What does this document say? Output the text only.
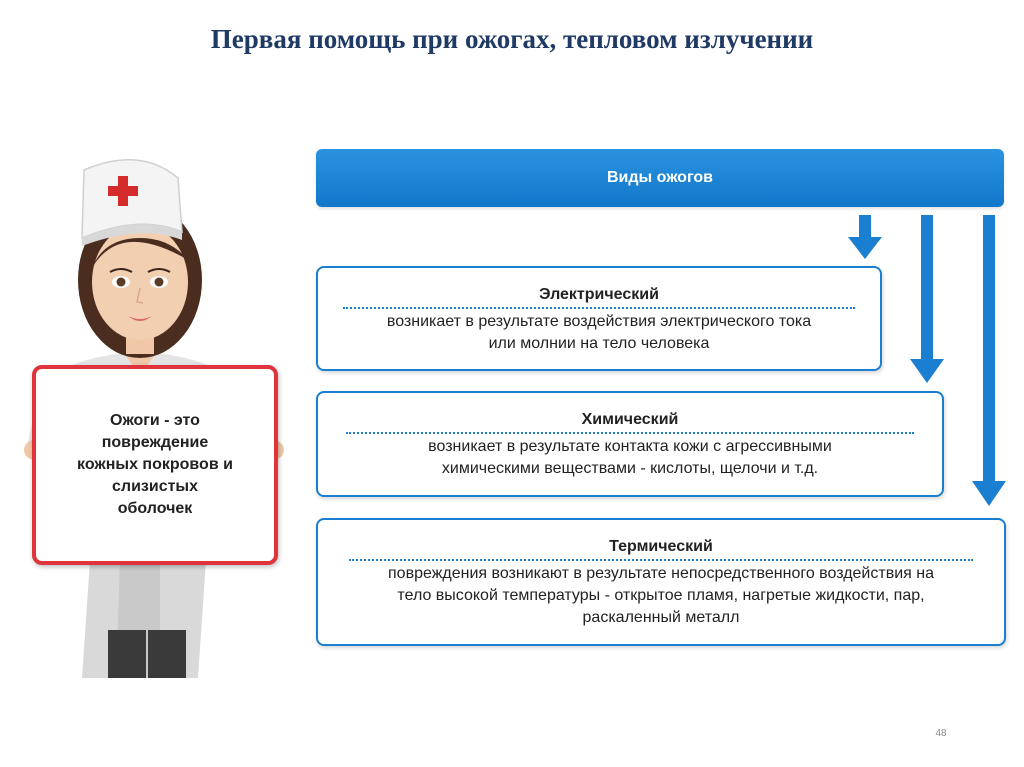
Первая помощь при ожогах, тепловом излучении
Ожоги - это
повреждение
кожных покровов и
слизистых
оболочек
Виды ожогов
Электрический
возникает в результате воздействия электрического тока
или молнии на тело человека
Химический
возникает в результате контакта кожи с агрессивными
химическими веществами - кислоты, щелочи и т.д.
Термический
повреждения возникают в результате непосредственного воздействия на
тело высокой температуры - открытое пламя, нагретые жидкости, пар,
раскаленный металл
48
